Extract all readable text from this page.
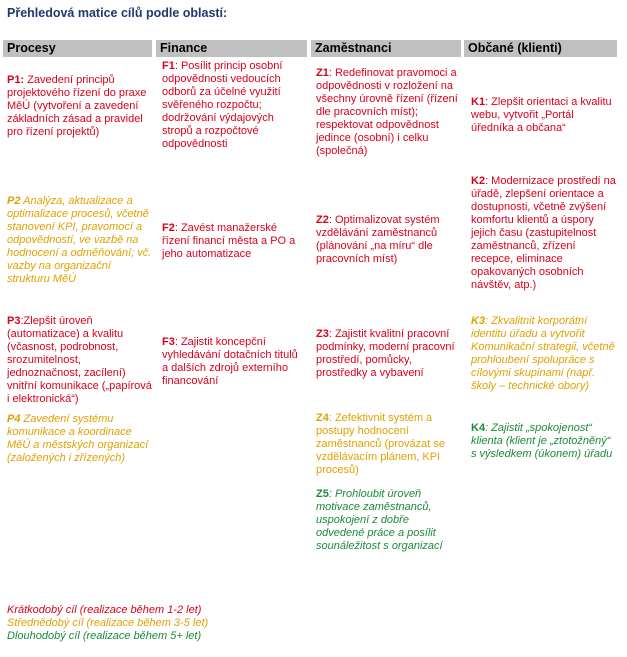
Přehledová matice cílů podle oblastí:
Procesy	Finance	Zaměstnanci	Občané (klienti)
P1: Zavedení principů projektového řízení do praxe MěÚ (vytvoření a zavedení základních zásad a pravidel pro řízení projektů)
P2 Analýza, aktualizace a optimalizace procesů, včetně stanovení KPI, pravomocí a odpovědností, ve vazbě na hodnocení a odměňování; vč. vazby na organizační strukturu MěÚ
P3:Zlepšit úroveň (automatizace) a kvalitu (včasnost, podrobnost, srozumitelnost, jednoznačnost, zacílení) vnitřní komunikace („papírová i elektronická“)
P4 Zavedení systému komunikace a koordinace MěÚ a městských organizací (založených i zřízených)
F1: Posílit princip osobní odpovědnosti vedoucích odborů za účelné využití svěřeného rozpočtu; dodržování výdajových stropů a rozpočtové odpovědnosti
F2: Zavést manažerské řízení financí města a PO a jeho automatizace
F3: Zajistit koncepční vyhledávání dotačních titulů a dalších zdrojů externího financování
Z1: Redefinovat pravomoci a odpovědnosti v rozložení na všechny úrovně řízení (řízení dle pracovních míst); respektovat odpovědnost jedince (osobní) i celku (společná)
Z2: Optimalizovat systém vzdělávání zaměstnanců (plánování „na míru“ dle pracovních míst)
Z3: Zajistit kvalitní pracovní podmínky, moderní pracovní prostředí, pomůcky, prostředky a vybavení
Z4: Zefektivnit systém a postupy hodnocení zaměstnanců (provázat se vzdělávacím plánem, KPI procesů)
Z5: Prohloubit úroveň motivace zaměstnanců, uspokojení z dobře odvedené práce a posílit sounáležitost s organizací
K1: Zlepšit orientaci a kvalitu webu, vytvořit „Portál úředníka a občana“
K2: Modernizace prostředí na úřadě, zlepšení orientace a dostupnosti, včetně zvýšení komfortu klientů a úspory jejich času (zastupitelnost zaměstnanců, zřízení recepce, eliminace opakovaných osobních návštěv, atp.)
K3: Zkvalitnit korporátní identitu úřadu a vytvořit Komunikační strategii, včetně prohloubení spolupráce s cílovými skupinami (např. školy – technické obory)
K4: Zajistit „spokojenost“ klienta (klient je „ztotožněný“ s výsledkem (úkonem) úřadu
Krátkodobý cíl (realizace během 1-2 let)
Střednědobý cíl (realizace během 3-5 let)
Dlouhodobý cíl (realizace během 5+ let)
